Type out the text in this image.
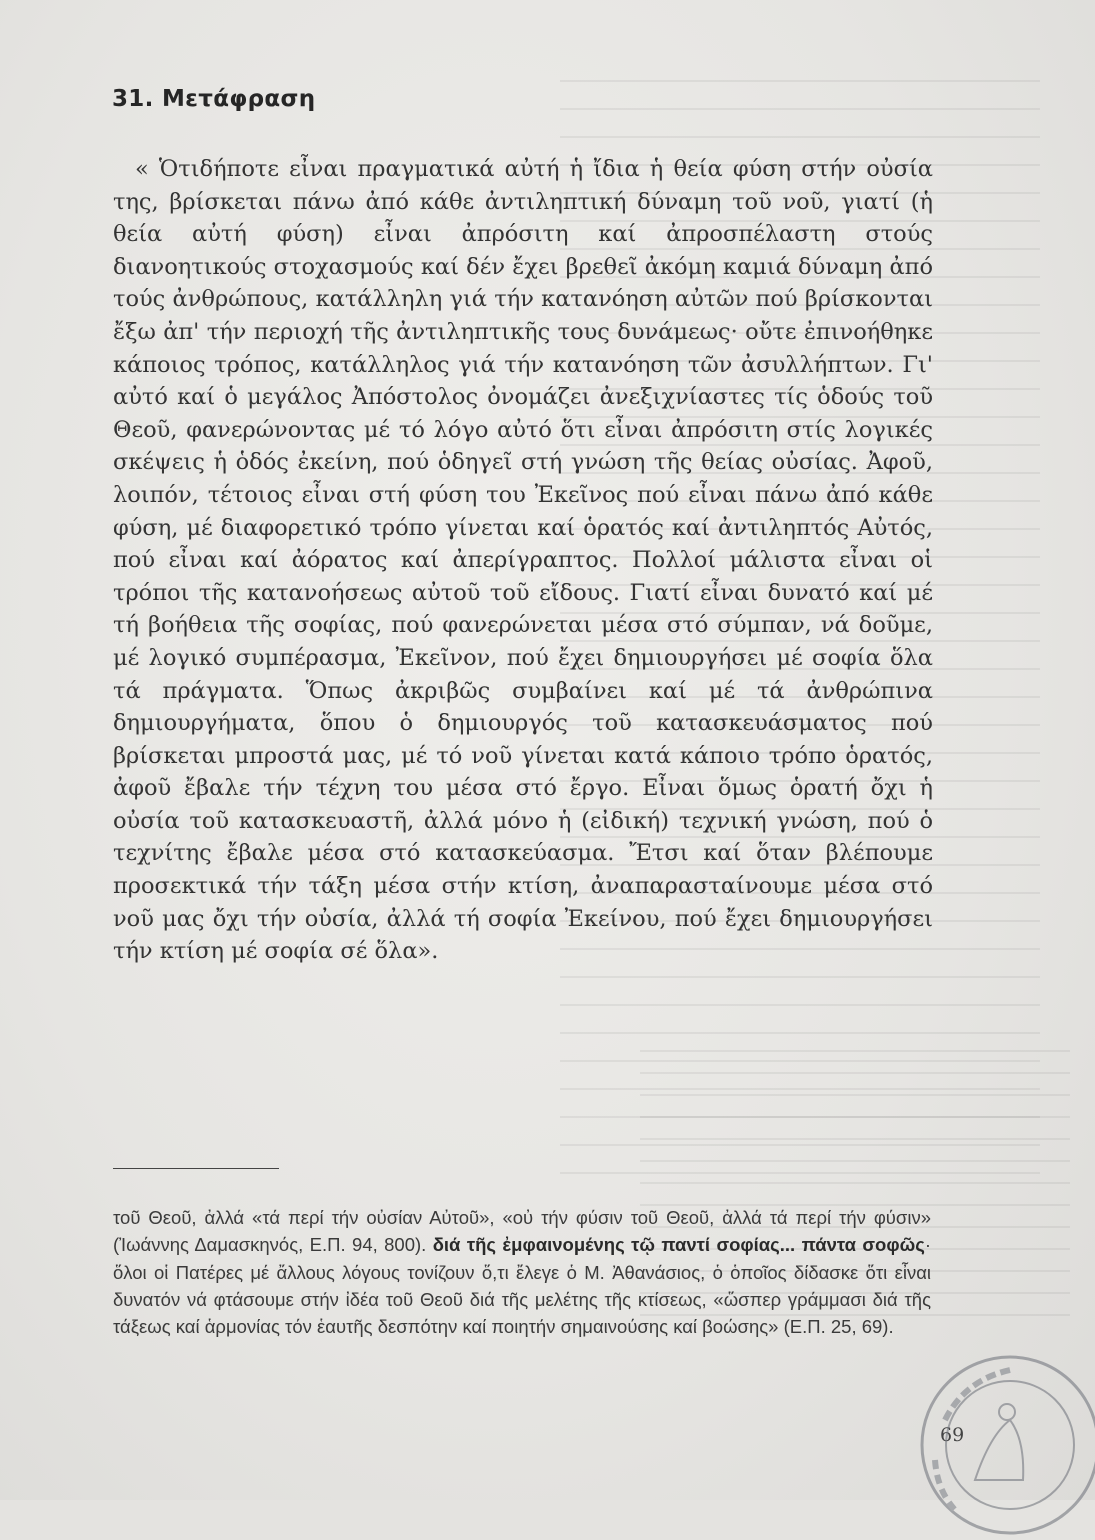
31. Μετάφραση

« Ὁτιδήποτε εἶναι πραγματικά αὐτή ἡ ἴδια ἡ θεία φύση στήν οὐσία της, βρίσκεται πάνω ἀπό κάθε ἀντιληπτική δύναμη τοῦ νοῦ, γιατί (ἡ θεία αὐτή φύση) εἶναι ἀπρόσιτη καί ἀπροσπέλαστη στούς διανοητικούς στοχασμούς καί δέν ἔχει βρεθεῖ ἀκόμη καμιά δύναμη ἀπό τούς ἀνθρώπους, κατάλληλη γιά τήν κατανόηση αὐτῶν πού βρίσκονται ἔξω ἀπ' τήν περιοχή τῆς ἀντιληπτικῆς τους δυνάμεως· οὔτε ἐπινοήθηκε κάποιος τρόπος, κατάλληλος γιά τήν κατανόηση τῶν ἀσυλλήπτων. Γι' αὐτό καί ὁ μεγάλος Ἀπόστολος ὀνομάζει ἀνεξιχνίαστες τίς ὁδούς τοῦ Θεοῦ, φανερώνοντας μέ τό λόγο αὐτό ὅτι εἶναι ἀπρόσιτη στίς λογικές σκέψεις ἡ ὁδός ἐκείνη, πού ὁδηγεῖ στή γνώση τῆς θείας οὐσίας. Ἀφοῦ, λοιπόν, τέτοιος εἶναι στή φύση του Ἐκεῖνος πού εἶναι πάνω ἀπό κάθε φύση, μέ διαφορετικό τρόπο γίνεται καί ὁρατός καί ἀντιληπτός Αὐτός, πού εἶναι καί ἀόρατος καί ἀπερίγραπτος. Πολλοί μάλιστα εἶναι οἱ τρόποι τῆς κατανοήσεως αὐτοῦ τοῦ εἴδους. Γιατί εἶναι δυνατό καί μέ τή βοήθεια τῆς σοφίας, πού φανερώνεται μέσα στό σύμπαν, νά δοῦμε, μέ λογικό συμπέρασμα, Ἐκεῖνον, πού ἔχει δημιουργήσει μέ σοφία ὅλα τά πράγματα. Ὅπως ἀκριβῶς συμβαίνει καί μέ τά ἀνθρώπινα δημιουργήματα, ὅπου ὁ δημιουργός τοῦ κατασκευάσματος πού βρίσκεται μπροστά μας, μέ τό νοῦ γίνεται κατά κάποιο τρόπο ὁρατός, ἀφοῦ ἔβαλε τήν τέχνη του μέσα στό ἔργο. Εἶναι ὅμως ὁρατή ὄχι ἡ οὐσία τοῦ κατασκευαστῆ, ἀλλά μόνο ἡ (εἰδική) τεχνική γνώση, πού ὁ τεχνίτης ἔβαλε μέσα στό κατασκεύασμα. Ἔτσι καί ὅταν βλέπουμε προσεκτικά τήν τάξη μέσα στήν κτίση, ἀναπαρασταίνουμε μέσα στό νοῦ μας ὄχι τήν οὐσία, ἀλλά τή σοφία Ἐκείνου, πού ἔχει δημιουργήσει τήν κτίση μέ σοφία σέ ὅλα».

τοῦ Θεοῦ, ἀλλά «τά περί τήν οὐσίαν Αὐτοῦ», «οὐ τήν φύσιν τοῦ Θεοῦ, ἀλλά τά περί τήν φύσιν» (Ἰωάννης Δαμασκηνός, Ε.Π. 94, 800). διά τῆς ἐμφαινομένης τῷ παντί σοφίας... πάντα σοφῶς· ὅλοι οἱ Πατέρες μέ ἄλλους λόγους τονίζουν ὅ,τι ἔλεγε ὁ Μ. Ἀθανάσιος, ὁ ὁποῖος δίδασκε ὅτι εἶναι δυνατόν νά φτάσουμε στήν ἰδέα τοῦ Θεοῦ διά τῆς μελέτης τῆς κτίσεως, «ὥσπερ γράμμασι διά τῆς τάξεως καί ἁρμονίας τόν ἑαυτῆς δεσπότην καί ποιητήν σημαινούσης καί βοώσης» (Ε.Π. 25, 69).

69
